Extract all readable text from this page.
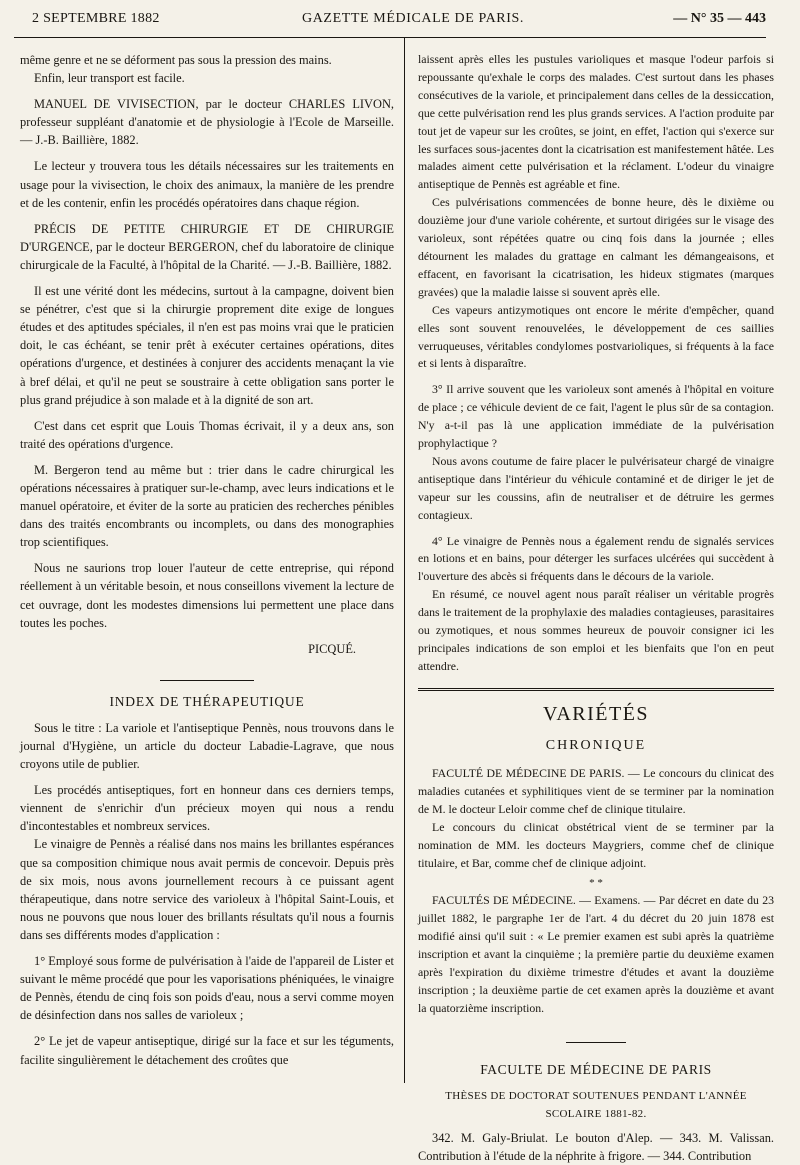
2 SEPTEMBRE 1882	GAZETTE MÉDICALE DE PARIS.	— N° 35 — 443

même genre et ne se déforment pas sous la pression des mains.

Enfin, leur transport est facile.

MANUEL DE VIVISECTION, par le docteur CHARLES LIVON, professeur suppléant d'anatomie et de physiologie à l'Ecole de Marseille. — J.-B. Baillière, 1882.

Le lecteur y trouvera tous les détails nécessaires sur les traitements en usage pour la vivisection, le choix des animaux, la manière de les prendre et de les contenir, enfin les procédés opératoires dans chaque région.

PRÉCIS DE PETITE CHIRURGIE ET DE CHIRURGIE D'URGENCE, par le docteur BERGERON, chef du laboratoire de clinique chirurgicale de la Faculté, à l'hôpital de la Charité. — J.-B. Baillière, 1882.

Il est une vérité dont les médecins, surtout à la campagne, doivent bien se pénétrer, c'est que si la chirurgie proprement dite exige de longues études et des aptitudes spéciales, il n'en est pas moins vrai que le praticien doit, le cas échéant, se tenir prêt à exécuter certaines opérations, dites opérations d'urgence, et destinées à conjurer des accidents menaçant la vie à bref délai, et qu'il ne peut se soustraire à cette obligation sans porter le plus grand préjudice à son malade et à la dignité de son art.

C'est dans cet esprit que Louis Thomas écrivait, il y a deux ans, son traité des opérations d'urgence.

M. Bergeron tend au même but : trier dans le cadre chirurgical les opérations nécessaires à pratiquer sur-le-champ, avec leurs indications et le manuel opératoire, et éviter de la sorte au praticien des recherches pénibles dans des traités encombrants ou incomplets, ou dans des monographies trop scientifiques.

Nous ne saurions trop louer l'auteur de cette entreprise, qui répond réellement à un véritable besoin, et nous conseillons vivement la lecture de cet ouvrage, dont les modestes dimensions lui permettent une place dans toutes les poches.

PICQUÉ.

INDEX DE THÉRAPEUTIQUE

Sous le titre : La variole et l'antiseptique Pennès, nous trouvons dans le journal d'Hygiène, un article du docteur Labadie-Lagrave, que nous croyons utile de publier.

Les procédés antiseptiques, fort en honneur dans ces derniers temps, viennent de s'enrichir d'un précieux moyen qui nous a rendu d'incontestables et nombreux services.

Le vinaigre de Pennès a réalisé dans nos mains les brillantes espérances que sa composition chimique nous avait permis de concevoir. Depuis près de six mois, nous avons journellement recours à ce puissant agent thérapeutique, dans notre service des varioleux à l'hôpital Saint-Louis, et nous ne pouvons que nous louer des brillants résultats qu'il nous a fournis dans ses différents modes d'application :

1° Employé sous forme de pulvérisation à l'aide de l'appareil de Lister et suivant le même procédé que pour les vaporisations phéniquées, le vinaigre de Pennès, étendu de cinq fois son poids d'eau, nous a servi comme moyen de désinfection dans nos salles de varioleux ;

2° Le jet de vapeur antiseptique, dirigé sur la face et sur les téguments, facilite singulièrement le détachement des croûtes que

laissent après elles les pustules varioliques et masque l'odeur parfois si repoussante qu'exhale le corps des malades. C'est surtout dans les phases consécutives de la variole, et principalement dans celles de la dessiccation, que cette pulvérisation rend les plus grands services. A l'action produite par tout jet de vapeur sur les croûtes, se joint, en effet, l'action qui s'exerce sur les surfaces sous-jacentes dont la cicatrisation est manifestement hâtée. Les malades aiment cette pulvérisation et la réclament. L'odeur du vinaigre antiseptique de Pennès est agréable et fine.

Ces pulvérisations commencées de bonne heure, dès le dixième ou douzième jour d'une variole cohérente, et surtout dirigées sur le visage des varioleux, sont répétées quatre ou cinq fois dans la journée ; elles détournent les malades du grattage en calmant les démangeaisons, et effacent, en favorisant la cicatrisation, les hideux stigmates (marques gravées) que la maladie laisse si souvent après elle.

Ces vapeurs antizymotiques ont encore le mérite d'empêcher, quand elles sont souvent renouvelées, le développement de ces saillies verruqueuses, véritables condylomes postvarioliques, si fréquents à la face et si lents à disparaître.

3° Il arrive souvent que les varioleux sont amenés à l'hôpital en voiture de place ; ce véhicule devient de ce fait, l'agent le plus sûr de sa contagion. N'y a-t-il pas là une application immédiate de la pulvérisation prophylactique ?

Nous avons coutume de faire placer le pulvérisateur chargé de vinaigre antiseptique dans l'intérieur du véhicule contaminé et de diriger le jet de vapeur sur les coussins, afin de neutraliser et de détruire les germes contagieux.

4° Le vinaigre de Pennès nous a également rendu de signalés services en lotions et en bains, pour déterger les surfaces ulcérées qui succèdent à l'ouverture des abcès si fréquents dans le décours de la variole.

En résumé, ce nouvel agent nous paraît réaliser un véritable progrès dans le traitement de la prophylaxie des maladies contagieuses, parasitaires ou zymotiques, et nous sommes heureux de pouvoir consigner ici les principales indications de son emploi et les bienfaits que l'on en peut attendre.

VARIÉTÉS
CHRONIQUE

FACULTÉ DE MÉDECINE DE PARIS. — Le concours du clinicat des maladies cutanées et syphilitiques vient de se terminer par la nomination de M. le docteur Leloir comme chef de clinique titulaire.

Le concours du clinicat obstétrical vient de se terminer par la nomination de MM. les docteurs Maygriers, comme chef de clinique titulaire, et Bar, comme chef de clinique adjoint.

* *

FACULTÉS DE MÉDECINE. — Examens. — Par décret en date du 23 juillet 1882, le pargraphe 1er de l'art. 4 du décret du 20 juin 1878 est modifié ainsi qu'il suit : « Le premier examen est subi après la quatrième inscription et avant la cinquième ; la première partie du deuxième examen après l'expiration du dixième trimestre d'études et avant la douzième inscription ; la deuxième partie de cet examen après la douzième et avant la quatorzième inscription.

FACULTE DE MÉDECINE DE PARIS
THÈSES DE DOCTORAT SOUTENUES PENDANT L'ANNÉE SCOLAIRE 1881-82.

342. M. Galy-Briulat. Le bouton d'Alep. — 343. M. Valissan. Contribution à l'étude de la néphrite à frigore. — 344. Contribution
